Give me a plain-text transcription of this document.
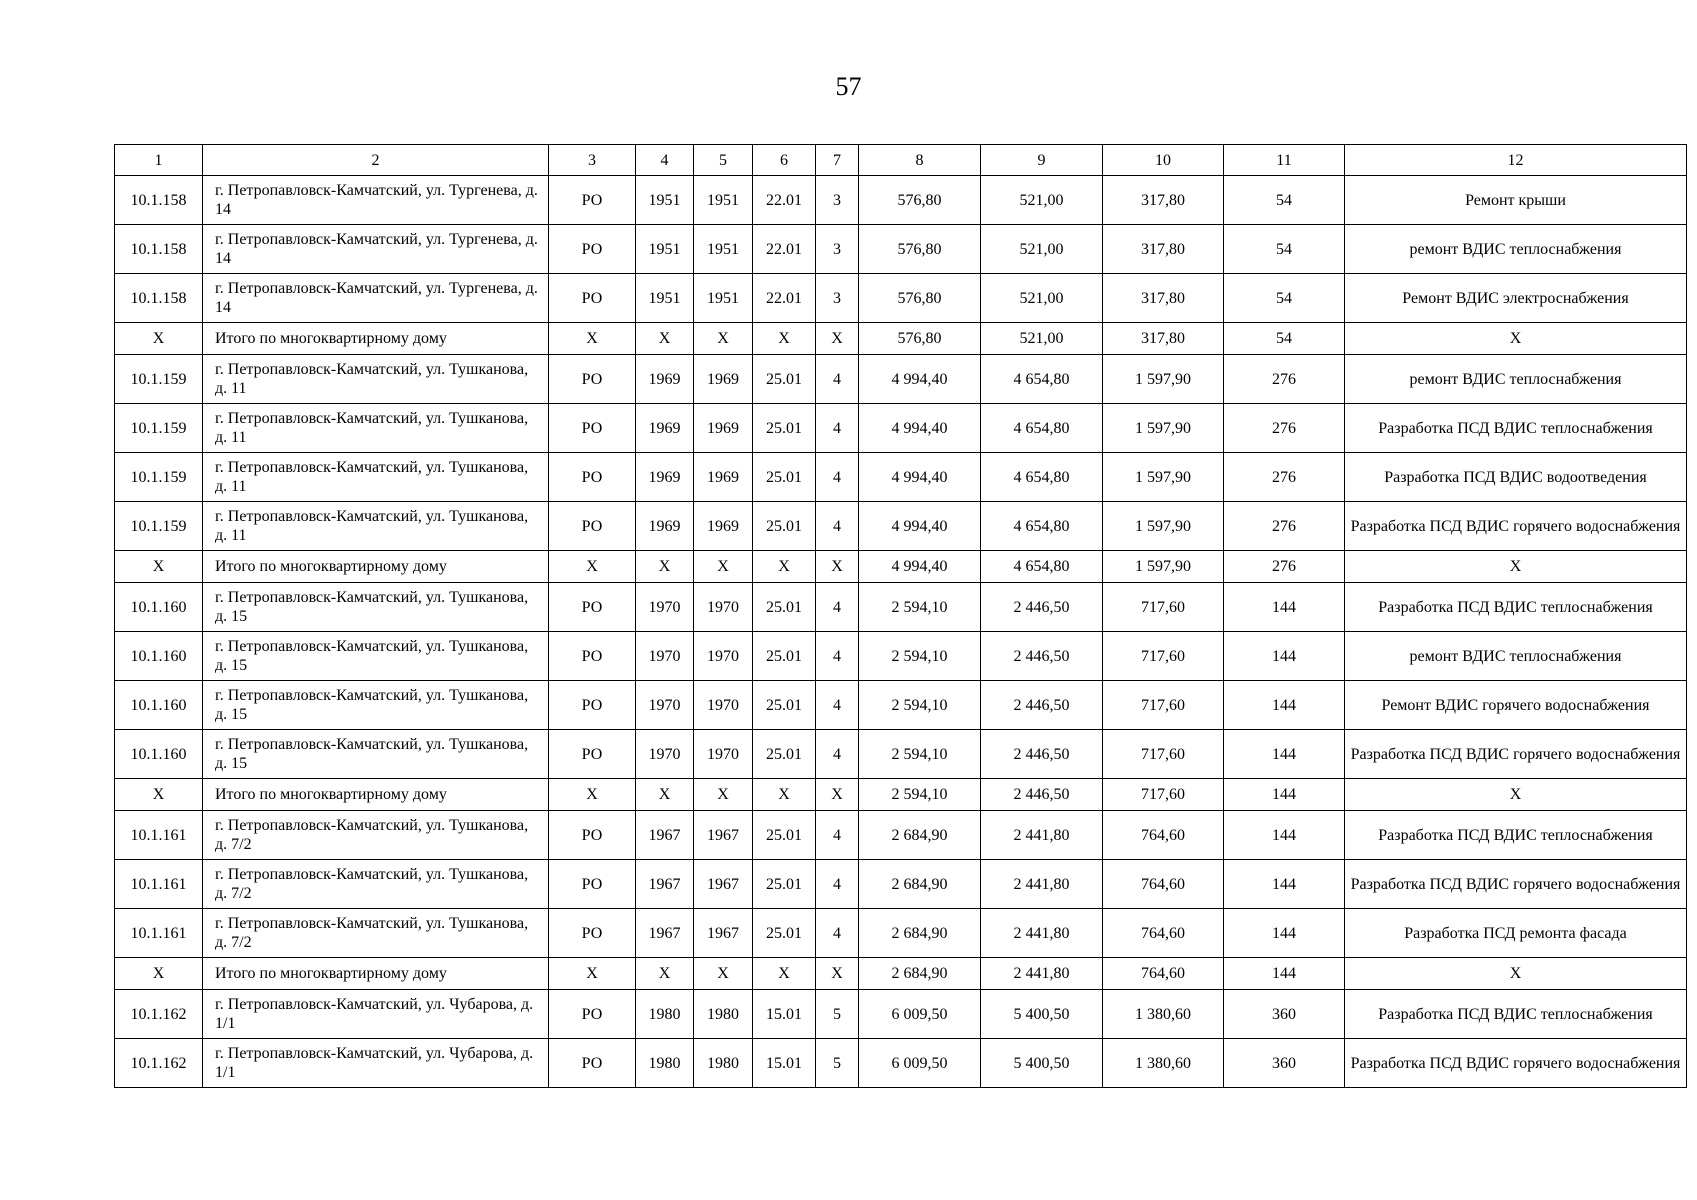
57
1	2	3	4	5	6	7	8	9	10	11	12
10.1.158	г. Петропавловск-Камчатский, ул. Тургенева, д. 14	РО	1951	1951	22.01	3	576,80	521,00	317,80	54	Ремонт крыши
10.1.158	г. Петропавловск-Камчатский, ул. Тургенева, д. 14	РО	1951	1951	22.01	3	576,80	521,00	317,80	54	ремонт ВДИС теплоснабжения
10.1.158	г. Петропавловск-Камчатский, ул. Тургенева, д. 14	РО	1951	1951	22.01	3	576,80	521,00	317,80	54	Ремонт ВДИС электроснабжения
X	Итого по многоквартирному дому	X	X	X	X	X	576,80	521,00	317,80	54	X
10.1.159	г. Петропавловск-Камчатский, ул. Тушканова, д. 11	РО	1969	1969	25.01	4	4 994,40	4 654,80	1 597,90	276	ремонт ВДИС теплоснабжения
10.1.159	г. Петропавловск-Камчатский, ул. Тушканова, д. 11	РО	1969	1969	25.01	4	4 994,40	4 654,80	1 597,90	276	Разработка ПСД ВДИС теплоснабжения
10.1.159	г. Петропавловск-Камчатский, ул. Тушканова, д. 11	РО	1969	1969	25.01	4	4 994,40	4 654,80	1 597,90	276	Разработка ПСД ВДИС водоотведения
10.1.159	г. Петропавловск-Камчатский, ул. Тушканова, д. 11	РО	1969	1969	25.01	4	4 994,40	4 654,80	1 597,90	276	Разработка ПСД ВДИС горячего водоснабжения
X	Итого по многоквартирному дому	X	X	X	X	X	4 994,40	4 654,80	1 597,90	276	X
10.1.160	г. Петропавловск-Камчатский, ул. Тушканова, д. 15	РО	1970	1970	25.01	4	2 594,10	2 446,50	717,60	144	Разработка ПСД ВДИС теплоснабжения
10.1.160	г. Петропавловск-Камчатский, ул. Тушканова, д. 15	РО	1970	1970	25.01	4	2 594,10	2 446,50	717,60	144	ремонт ВДИС теплоснабжения
10.1.160	г. Петропавловск-Камчатский, ул. Тушканова, д. 15	РО	1970	1970	25.01	4	2 594,10	2 446,50	717,60	144	Ремонт ВДИС горячего водоснабжения
10.1.160	г. Петропавловск-Камчатский, ул. Тушканова, д. 15	РО	1970	1970	25.01	4	2 594,10	2 446,50	717,60	144	Разработка ПСД ВДИС горячего водоснабжения
X	Итого по многоквартирному дому	X	X	X	X	X	2 594,10	2 446,50	717,60	144	X
10.1.161	г. Петропавловск-Камчатский, ул. Тушканова, д. 7/2	РО	1967	1967	25.01	4	2 684,90	2 441,80	764,60	144	Разработка ПСД ВДИС теплоснабжения
10.1.161	г. Петропавловск-Камчатский, ул. Тушканова, д. 7/2	РО	1967	1967	25.01	4	2 684,90	2 441,80	764,60	144	Разработка ПСД ВДИС горячего водоснабжения
10.1.161	г. Петропавловск-Камчатский, ул. Тушканова, д. 7/2	РО	1967	1967	25.01	4	2 684,90	2 441,80	764,60	144	Разработка ПСД ремонта фасада
X	Итого по многоквартирному дому	X	X	X	X	X	2 684,90	2 441,80	764,60	144	X
10.1.162	г. Петропавловск-Камчатский, ул. Чубарова, д. 1/1	РО	1980	1980	15.01	5	6 009,50	5 400,50	1 380,60	360	Разработка ПСД ВДИС теплоснабжения
10.1.162	г. Петропавловск-Камчатский, ул. Чубарова, д. 1/1	РО	1980	1980	15.01	5	6 009,50	5 400,50	1 380,60	360	Разработка ПСД ВДИС горячего водоснабжения
